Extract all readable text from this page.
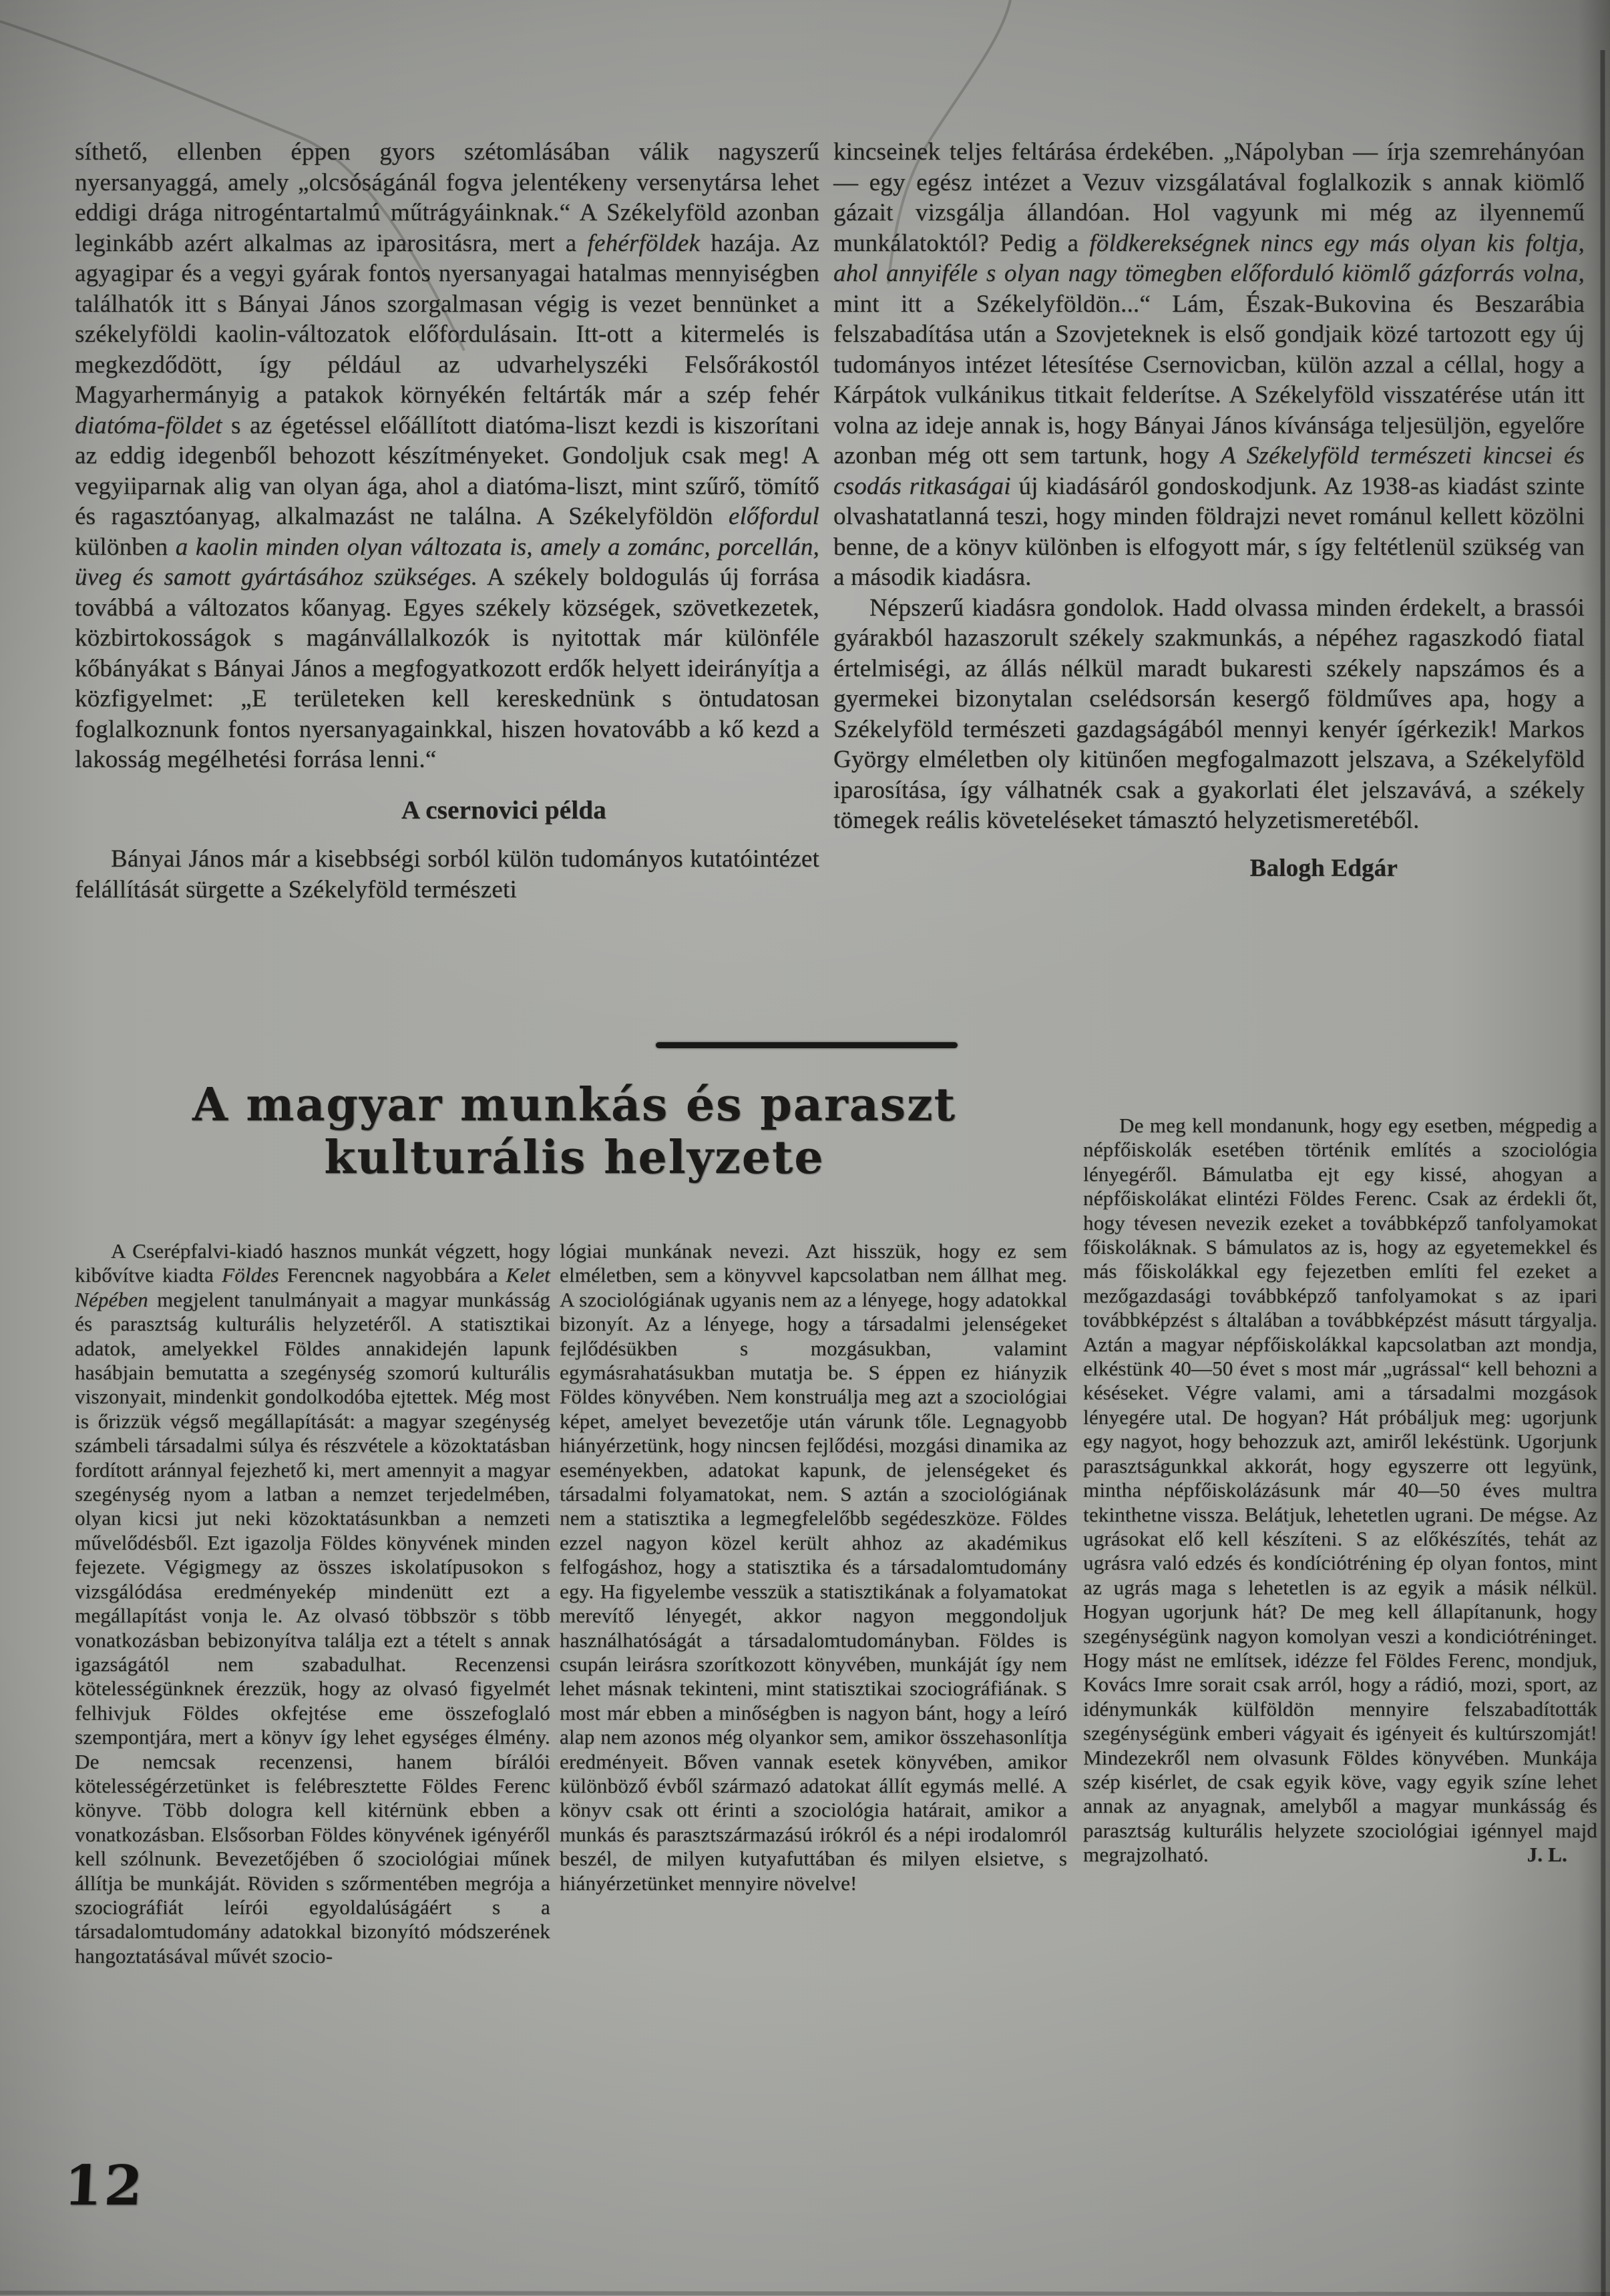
síthető, ellenben éppen gyors szétomlásában válik nagyszerű nyersanyaggá, amely „olcsóságánál fogva jelentékeny versenytársa lehet eddigi drága nitrogéntartalmú műtrágyáinknak.“ A Székelyföld azonban leginkább azért alkalmas az iparositásra, mert a fehérföldek hazája. Az agyagipar és a vegyi gyárak fontos nyersanyagai hatalmas mennyiségben találhatók itt s Bányai János szorgalmasan végig is vezet bennünket a székelyföldi kaolin-változatok előfordulásain. Itt-ott a kitermelés is megkezdődött, így például az udvarhelyszéki Felsőrákostól Magyarhermányig a patakok környékén feltárták már a szép fehér diatóma-földet s az égetéssel előállított diatóma-liszt kezdi is kiszorítani az eddig idegenből behozott készítményeket. Gondoljuk csak meg! A vegyiiparnak alig van olyan ága, ahol a diatóma-liszt, mint szűrő, tömítő és ragasztóanyag, alkalmazást ne találna. A Székelyföldön előfordul különben a kaolin minden olyan változata is, amely a zománc, porcellán, üveg és samott gyártásához szükséges. A székely boldogulás új forrása továbbá a változatos kőanyag. Egyes székely községek, szövetkezetek, közbirtokosságok s magánvállalkozók is nyitottak már különféle kőbányákat s Bányai János a megfogyatkozott erdők helyett ideirányítja a közfigyelmet: „E területeken kell kereskednünk s öntudatosan foglalkoznunk fontos nyersanyagainkkal, hiszen hovatovább a kő kezd a lakosság megélhetési forrása lenni.“

A csernovici példa

Bányai János már a kisebbségi sorból külön tudományos kutatóintézet felállítását sürgette a Székelyföld természeti

kincseinek teljes feltárása érdekében. „Nápolyban — írja szemrehányóan — egy egész intézet a Vezuv vizsgálatával foglalkozik s annak kiömlő gázait vizsgálja állandóan. Hol vagyunk mi még az ilyennemű munkálatoktól? Pedig a földkerekségnek nincs egy más olyan kis foltja, ahol annyiféle s olyan nagy tömegben előforduló kiömlő gázforrás volna, mint itt a Székelyföldön...“ Lám, Észak-Bukovina és Beszarábia felszabadítása után a Szovjeteknek is első gondjaik közé tartozott egy új tudományos intézet létesítése Csernovicban, külön azzal a céllal, hogy a Kárpátok vulkánikus titkait felderítse. A Székelyföld visszatérése után itt volna az ideje annak is, hogy Bányai János kívánsága teljesüljön, egyelőre azonban még ott sem tartunk, hogy A Székelyföld természeti kincsei és csodás ritkaságai új kiadásáról gondoskodjunk. Az 1938-as kiadást szinte olvashatatlanná teszi, hogy minden földrajzi nevet románul kellett közölni benne, de a könyv különben is elfogyott már, s így feltétlenül szükség van a második kiadásra.

Népszerű kiadásra gondolok. Hadd olvassa minden érdekelt, a brassói gyárakból hazaszorult székely szakmunkás, a népéhez ragaszkodó fiatal értelmiségi, az állás nélkül maradt bukaresti székely napszámos és a gyermekei bizonytalan cselédsorsán kesergő földműves apa, hogy a Székelyföld természeti gazdagságából mennyi kenyér ígérkezik! Markos György elméletben oly kitünően megfogalmazott jelszava, a Székelyföld iparosítása, így válhatnék csak a gyakorlati élet jelszavává, a székely tömegek reális követeléseket támasztó helyzetismeretéből.

Balogh Edgár
A magyar munkás és paraszt kulturális helyzete

A Cserépfalvi-kiadó hasznos munkát végzett, hogy kibővítve kiadta Földes Ferencnek nagyobbára a Kelet Népében megjelent tanulmányait a magyar munkásság és parasztság kulturális helyzetéről. A statisztikai adatok, amelyekkel Földes annakidején lapunk hasábjain bemutatta a szegénység szomorú kulturális viszonyait, mindenkit gondolkodóba ejtettek. Még most is őrizzük végső megállapítását: a magyar szegénység számbeli társadalmi súlya és részvétele a közoktatásban fordított aránnyal fejezhető ki, mert amennyit a magyar szegénység nyom a latban a nemzet terjedelmében, olyan kicsi jut neki közoktatásunkban a nemzeti művelődésből. Ezt igazolja Földes könyvének minden fejezete. Végigmegy az összes iskolatípusokon s vizsgálódása eredményekép mindenütt ezt a megállapítást vonja le. Az olvasó többször s több vonatkozásban bebizonyítva találja ezt a tételt s annak igazságától nem szabadulhat. Recenzensi kötelességünknek érezzük, hogy az olvasó figyelmét felhivjuk Földes okfejtése eme összefoglaló szempontjára, mert a könyv így lehet egységes élmény. De nemcsak recenzensi, hanem bírálói kötelességérzetünket is felébresztette Földes Ferenc könyve. Több dologra kell kitérnünk ebben a vonatkozásban. Elsősorban Földes könyvének igényéről kell szólnunk. Bevezetőjében ő szociológiai műnek állítja be munkáját. Röviden s szőrmentében megrója a szociográfiát leírói egyoldalúságáért s a társadalomtudomány adatokkal bizonyító módszerének hangoztatásával művét szocio-

lógiai munkának nevezi. Azt hisszük, hogy ez sem elméletben, sem a könyvvel kapcsolatban nem állhat meg. A szociológiának ugyanis nem az a lényege, hogy adatokkal bizonyít. Az a lényege, hogy a társadalmi jelenségeket fejlődésükben s mozgásukban, valamint egymásrahatásukban mutatja be. S éppen ez hiányzik Földes könyvében. Nem konstruálja meg azt a szociológiai képet, amelyet bevezetője után várunk tőle. Legnagyobb hiányérzetünk, hogy nincsen fejlődési, mozgási dinamika az eseményekben, adatokat kapunk, de jelenségeket és társadalmi folyamatokat, nem. S aztán a szociológiának nem a statisztika a legmegfelelőbb segédeszköze. Földes ezzel nagyon közel került ahhoz az akadémikus felfogáshoz, hogy a statisztika és a társadalomtudomány egy. Ha figyelembe vesszük a statisztikának a folyamatokat merevítő lényegét, akkor nagyon meggondoljuk használhatóságát a társadalomtudományban. Földes is csupán leirásra szorítkozott könyvében, munkáját így nem lehet másnak tekinteni, mint statisztikai szociográfiának. S most már ebben a minőségben is nagyon bánt, hogy a leíró alap nem azonos még olyankor sem, amikor összehasonlítja eredményeit. Bőven vannak esetek könyvében, amikor különböző évből származó adatokat állít egymás mellé. A könyv csak ott érinti a szociológia határait, amikor a munkás és parasztszármazású irókról és a népi irodalomról beszél, de milyen kutyafuttában és milyen elsietve, s hiányérzetünket mennyire növelve!

De meg kell mondanunk, hogy egy esetben, mégpedig a népfőiskolák esetében történik említés a szociológia lényegéről. Bámulatba ejt egy kissé, ahogyan a népfőiskolákat elintézi Földes Ferenc. Csak az érdekli őt, hogy tévesen nevezik ezeket a továbbképző tanfolyamokat főiskoláknak. S bámulatos az is, hogy az egyetemekkel és más főiskolákkal egy fejezetben említi fel ezeket a mezőgazdasági továbbképző tanfolyamokat s az ipari továbbképzést s általában a továbbképzést másutt tárgyalja. Aztán a magyar népfőiskolákkal kapcsolatban azt mondja, elkéstünk 40—50 évet s most már „ugrással“ kell behozni a késéseket. Végre valami, ami a társadalmi mozgások lényegére utal. De hogyan? Hát próbáljuk meg: ugorjunk egy nagyot, hogy behozzuk azt, amiről lekéstünk. Ugorjunk parasztságunkkal akkorát, hogy egyszerre ott legyünk, mintha népfőiskolázásunk már 40—50 éves multra tekinthetne vissza. Belátjuk, lehetetlen ugrani. De mégse. Az ugrásokat elő kell készíteni. S az előkészítés, tehát az ugrásra való edzés és kondíciótréning ép olyan fontos, mint az ugrás maga s lehetetlen is az egyik a másik nélkül. Hogyan ugorjunk hát? De meg kell állapítanunk, hogy szegénységünk nagyon komolyan veszi a kondiciótréninget. Hogy mást ne említsek, idézze fel Földes Ferenc, mondjuk, Kovács Imre sorait csak arról, hogy a rádió, mozi, sport, az idénymunkák külföldön mennyire felszabadították szegénységünk emberi vágyait és igényeit és kultúrszomját! Mindezekről nem olvasunk Földes könyvében. Munkája szép kisérlet, de csak egyik köve, vagy egyik színe lehet annak az anyagnak, amelyből a magyar munkásság és parasztság kulturális helyzete szociológiai igénnyel majd megrajzolható.	J. L.
12
